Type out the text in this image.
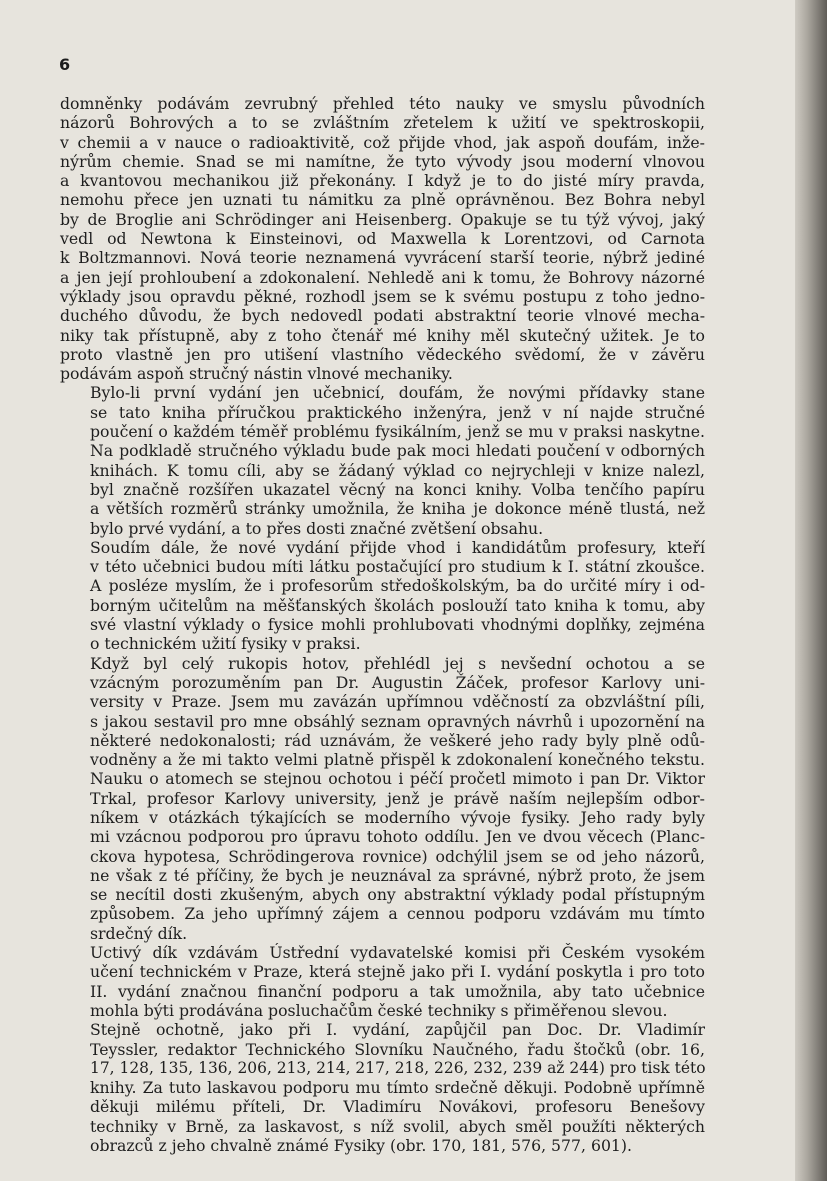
6

domněnky podávám zevrubný přehled této nauky ve smyslu původních
názorů Bohrových a to se zvláštním zřetelem k užití ve spektroskopii,
v chemii a v nauce o radioaktivitě, což přijde vhod, jak aspoň doufám, inže-
nýrům chemie. Snad se mi namítne, že tyto vývody jsou moderní vlnovou
a kvantovou mechanikou již překonány. I když je to do jisté míry pravda,
nemohu přece jen uznati tu námitku za plně oprávněnou. Bez Bohra nebyl
by de Broglie ani Schrödinger ani Heisenberg. Opakuje se tu týž vývoj, jaký
vedl od Newtona k Einsteinovi, od Maxwella k Lorentzovi, od Carnota
k Boltzmannovi. Nová teorie neznamená vyvrácení starší teorie, nýbrž jediné
a jen její prohloubení a zdokonalení. Nehledě ani k tomu, že Bohrovy názorné
výklady jsou opravdu pěkné, rozhodl jsem se k svému postupu z toho jedno-
duchého důvodu, že bych nedovedl podati abstraktní teorie vlnové mecha-
niky tak přístupně, aby z toho čtenář mé knihy měl skutečný užitek. Je to
proto vlastně jen pro utišení vlastního vědeckého svědomí, že v závěru
podávám aspoň stručný nástin vlnové mechaniky.

Bylo-li první vydání jen učebnicí, doufám, že novými přídavky stane
se tato kniha příručkou praktického inženýra, jenž v ní najde stručné
poučení o každém téměř problému fysikálním, jenž se mu v praksi naskytne.
Na podkladě stručného výkladu bude pak moci hledati poučení v odborných
knihách. K tomu cíli, aby se žádaný výklad co nejrychleji v knize nalezl,
byl značně rozšířen ukazatel věcný na konci knihy. Volba tenčího papíru
a větších rozměrů stránky umožnila, že kniha je dokonce méně tlustá, než
bylo prvé vydání, a to přes dosti značné zvětšení obsahu.

Soudím dále, že nové vydání přijde vhod i kandidátům profesury, kteří
v této učebnici budou míti látku postačující pro studium k I. státní zkoušce.
A posléze myslím, že i profesorům středoškolským, ba do určité míry i od-
borným učitelům na měšťanských školách poslouží tato kniha k tomu, aby
své vlastní výklady o fysice mohli prohlubovati vhodnými doplňky, zejména
o technickém užití fysiky v praksi.

Když byl celý rukopis hotov, přehlédl jej s nevšední ochotou a se
vzácným porozuměním pan Dr. Augustin Žáček, profesor Karlovy uni-
versity v Praze. Jsem mu zavázán upřímnou vděčností za obzvláštní píli,
s jakou sestavil pro mne obsáhlý seznam opravných návrhů i upozornění na
některé nedokonalosti; rád uznávám, že veškeré jeho rady byly plně odů-
vodněny a že mi takto velmi platně přispěl k zdokonalení konečného tekstu.
Nauku o atomech se stejnou ochotou i péčí pročetl mimoto i pan Dr. Viktor
Trkal, profesor Karlovy university, jenž je právě naším nejlepším odbor-
níkem v otázkách týkajících se moderního vývoje fysiky. Jeho rady byly
mi vzácnou podporou pro úpravu tohoto oddílu. Jen ve dvou věcech (Planc-
ckova hypotesa, Schrödingerova rovnice) odchýlil jsem se od jeho názorů,
ne však z té příčiny, že bych je neuznával za správné, nýbrž proto, že jsem
se necítil dosti zkušeným, abych ony abstraktní výklady podal přístupným
způsobem. Za jeho upřímný zájem a cennou podporu vzdávám mu tímto
srdečný dík.

Uctivý dík vzdávám Ústřední vydavatelské komisi při Českém vysokém
učení technickém v Praze, která stejně jako při I. vydání poskytla i pro toto
II. vydání značnou finanční podporu a tak umožnila, aby tato učebnice
mohla býti prodávána posluchačům české techniky s přiměřenou slevou.

Stejně ochotně, jako při I. vydání, zapůjčil pan Doc. Dr. Vladimír
Teyssler, redaktor Technického Slovníku Naučného, řadu štočků (obr. 16,
17, 128, 135, 136, 206, 213, 214, 217, 218, 226, 232, 239 až 244) pro tisk této
knihy. Za tuto laskavou podporu mu tímto srdečně děkuji. Podobně upřímně
děkuji milému příteli, Dr. Vladimíru Novákovi, profesoru Benešovy
techniky v Brně, za laskavost, s níž svolil, abych směl použíti některých
obrazců z jeho chvalně známé Fysiky (obr. 170, 181, 576, 577, 601).
